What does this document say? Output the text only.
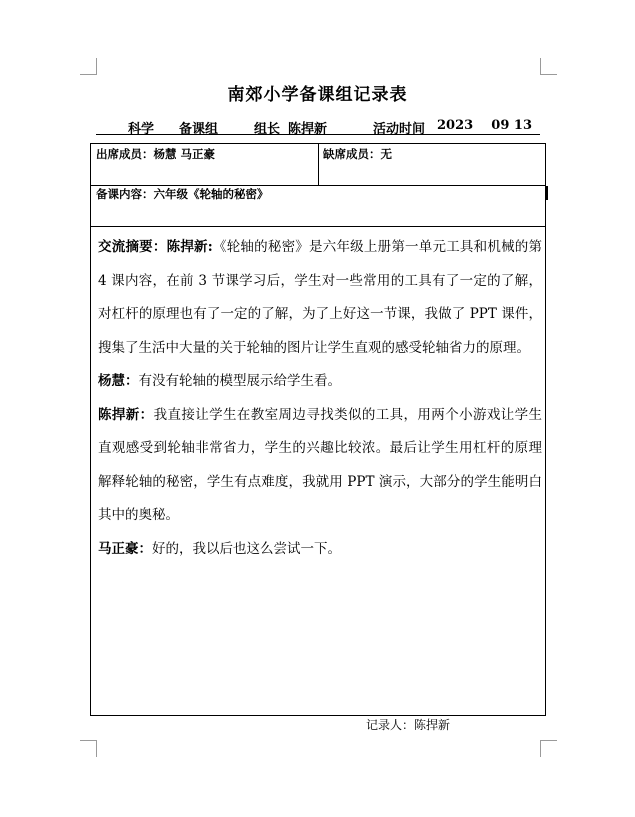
南郊小学备课组记录表
科学 备课组	组长 陈捍新	活动时间 2023    09 13
出席成员：杨慧 马正豪	缺席成员：无
备课内容：六年级《轮轴的秘密》

交流摘要：陈捍新:《轮轴的秘密》是六年级上册第一单元工具和机械的第 4 课内容，在前 3 节课学习后，学生对一些常用的工具有了一定的了解，对杠杆的原理也有了一定的了解，为了上好这一节课，我做了 PPT 课件，搜集了生活中大量的关于轮轴的图片让学生直观的感受轮轴省力的原理。

杨慧：有没有轮轴的模型展示给学生看。

陈捍新：我直接让学生在教室周边寻找类似的工具，用两个小游戏让学生直观感受到轮轴非常省力，学生的兴趣比较浓。最后让学生用杠杆的原理解释轮轴的秘密，学生有点难度，我就用 PPT 演示，大部分的学生能明白其中的奥秘。

马正豪：好的，我以后也这么尝试一下。

记录人：陈捍新
